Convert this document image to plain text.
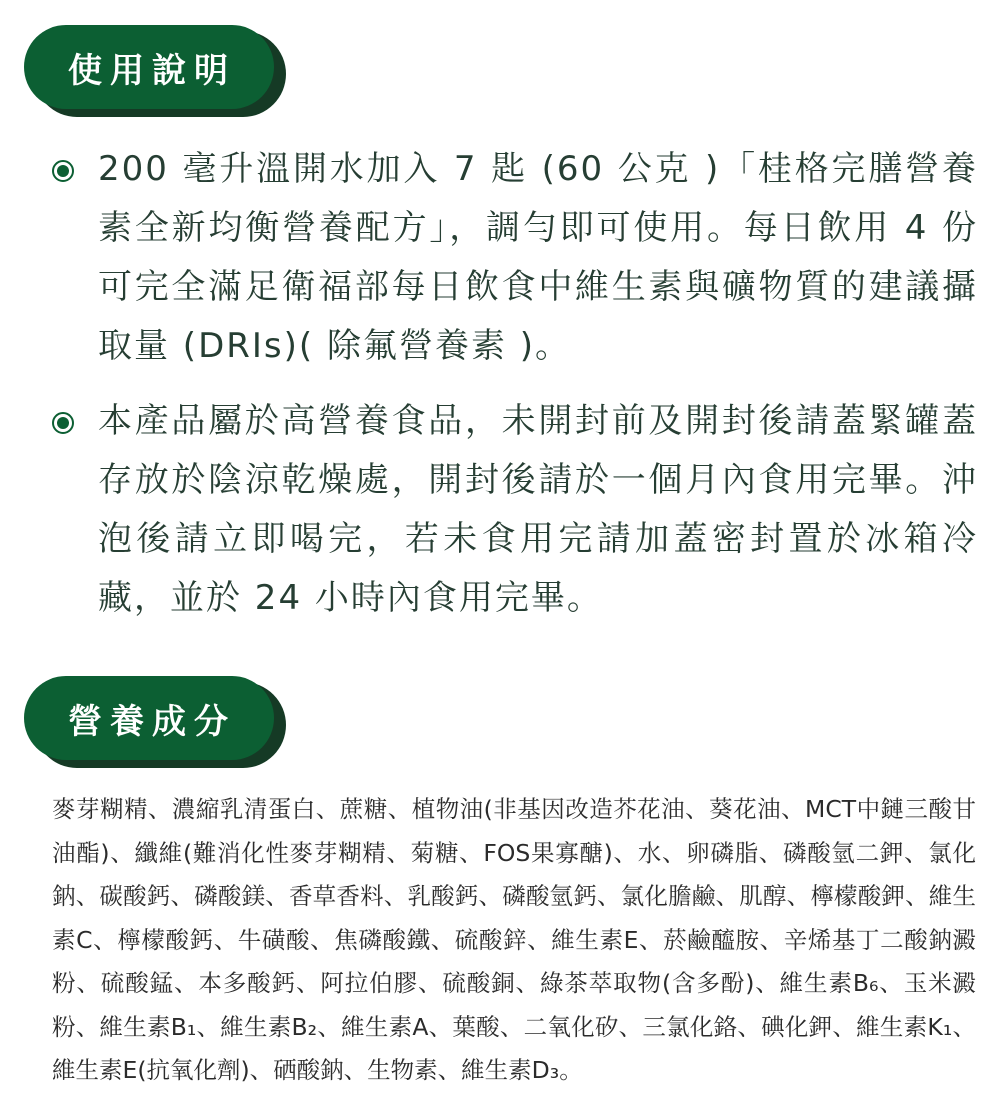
使用說明
200 毫升溫開水加入 7 匙 (60 公克 )「桂格完膳營養素全新均衡營養配方」，調勻即可使用。每日飲用 4 份可完全滿足衛福部每日飲食中維生素與礦物質的建議攝取量 (DRIs)( 除氟營養素 )。
本產品屬於高營養食品，未開封前及開封後請蓋緊罐蓋存放於陰涼乾燥處，開封後請於一個月內食用完畢。沖泡後請立即喝完，若未食用完請加蓋密封置於冰箱冷藏，並於 24 小時內食用完畢。
營養成分
麥芽糊精、濃縮乳清蛋白、蔗糖、植物油(非基因改造芥花油、葵花油、MCT中鏈三酸甘油酯)、纖維(難消化性麥芽糊精、菊糖、FOS果寡醣)、水、卵磷脂、磷酸氫二鉀、氯化鈉、碳酸鈣、磷酸鎂、香草香料、乳酸鈣、磷酸氫鈣、氯化膽鹼、肌醇、檸檬酸鉀、維生素C、檸檬酸鈣、牛磺酸、焦磷酸鐵、硫酸鋅、維生素E、菸鹼醯胺、辛烯基丁二酸鈉澱粉、硫酸錳、本多酸鈣、阿拉伯膠、硫酸銅、綠茶萃取物(含多酚)、維生素B₆、玉米澱粉、維生素B₁、維生素B₂、維生素A、葉酸、二氧化矽、三氯化鉻、碘化鉀、維生素K₁、維生素E(抗氧化劑)、硒酸鈉、生物素、維生素D₃。
